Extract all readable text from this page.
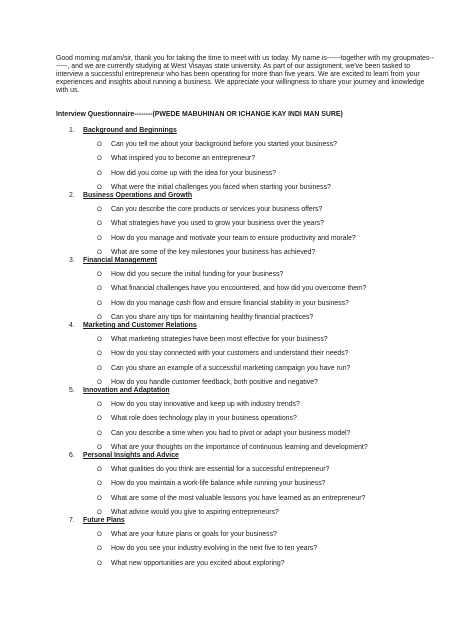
Good morning ma'am/sir, thank you for taking the time to meet with us today. My name is------together with my groupmates-------, and we are currently studying at West Visayas state university. As part of our assignment, we've been tasked to interview a successful entrepreneur who has been operating for more than five years. We are excited to learn from your experiences and insights about running a business. We appreciate your willingness to share your journey and knowledge with us.
Interview Questionnaire--------(PWEDE MABUHINAN OR ICHANGE KAY INDI MAN SURE)
1. Background and Beginnings
O Can you tell me about your background before you started your business?
O What inspired you to become an entrepreneur?
O How did you come up with the idea for your business?
O What were the initial challenges you faced when starting your business?
2. Business Operations and Growth
O Can you describe the core products or services your business offers?
O What strategies have you used to grow your business over the years?
O How do you manage and motivate your team to ensure productivity and morale?
O What are some of the key milestones your business has achieved?
3. Financial Management
O How did you secure the initial funding for your business?
O What financial challenges have you encountered, and how did you overcome them?
O How do you manage cash flow and ensure financial stability in your business?
O Can you share any tips for maintaining healthy financial practices?
4. Marketing and Customer Relations
O What marketing strategies have been most effective for your business?
O How do you stay connected with your customers and understand their needs?
O Can you share an example of a successful marketing campaign you have run?
O How do you handle customer feedback, both positive and negative?
5. Innovation and Adaptation
O How do you stay innovative and keep up with industry trends?
O What role does technology play in your business operations?
O Can you describe a time when you had to pivot or adapt your business model?
O What are your thoughts on the importance of continuous learning and development?
6. Personal Insights and Advice
O What qualities do you think are essential for a successful entrepreneur?
O How do you maintain a work-life balance while running your business?
O What are some of the most valuable lessons you have learned as an entrepreneur?
O What advice would you give to aspiring entrepreneurs?
7. Future Plans
O What are your future plans or goals for your business?
O How do you see your industry evolving in the next five to ten years?
O What new opportunities are you excited about exploring?
